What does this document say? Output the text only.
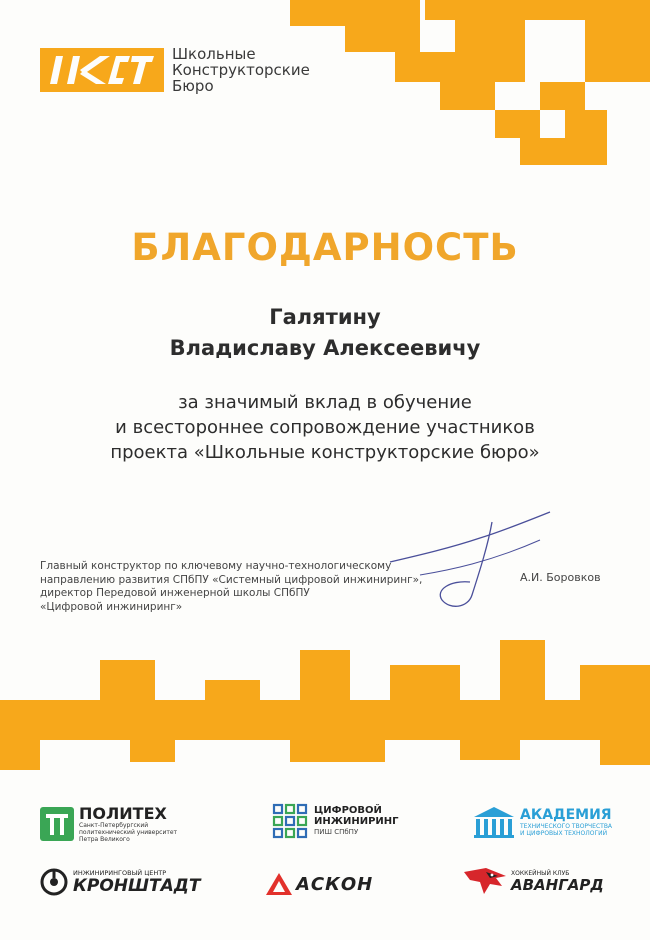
Школьные
Конструкторские
Бюро
БЛАГОДАРНОСТЬ
Галятину
Владиславу Алексеевичу
за значимый вклад в обучение
и всестороннее сопровождение участников
проекта «Школьные конструкторские бюро»
Главный конструктор по ключевому научно-технологическому
направлению развития СПбПУ «Системный цифровой инжиниринг»,
директор Передовой инженерной школы СПбПУ
«Цифровой инжиниринг»
А.И. Боровков
ПОЛИТЕХ
Санкт-Петербургский
политехнический университет
Петра Великого
ЦИФРОВОЙ
ИНЖИНИРИНГ
ПИШ СПбПУ
АКАДЕМИЯ
ТЕХНИЧЕСКОГО ТВОРЧЕСТВА
И ЦИФРОВЫХ ТЕХНОЛОГИЙ
ИНЖИНИРИНГОВЫЙ ЦЕНТР
КРОНШТАДТ	АСКОН
ХОККЕЙНЫЙ КЛУБ
АВАНГАРД
